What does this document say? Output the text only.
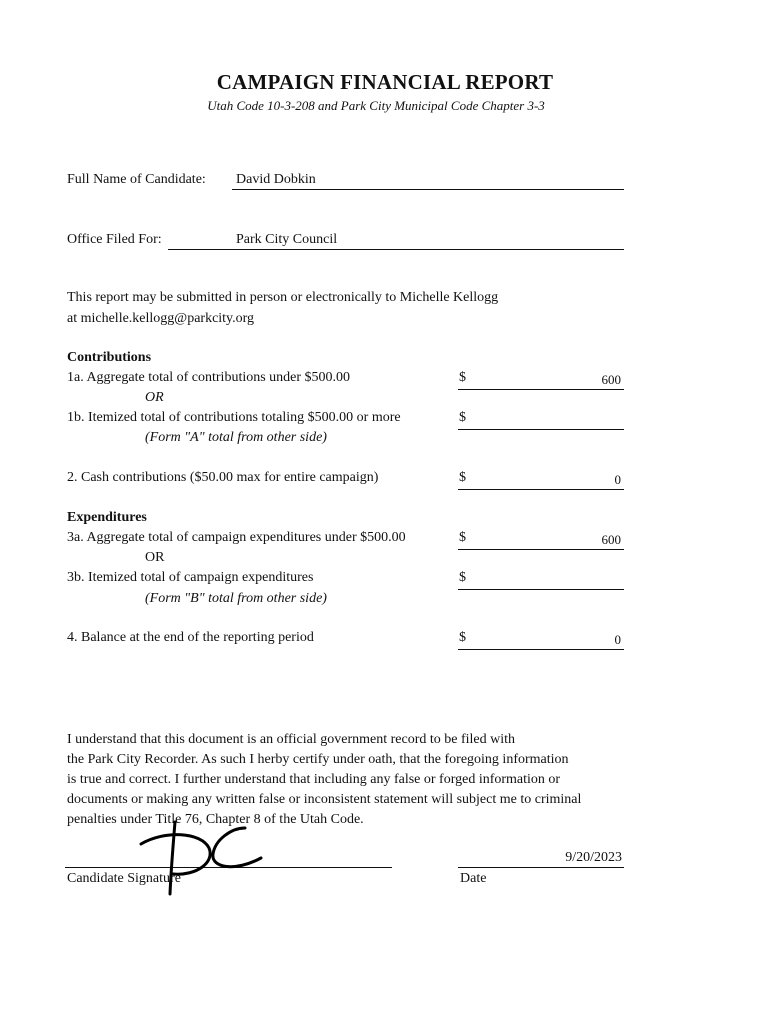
CAMPAIGN FINANCIAL REPORT
Utah Code 10-3-208 and Park City Municipal Code Chapter 3-3
Full Name of Candidate: David Dobkin
Office Filed For:	Park City Council
This report may be submitted in person or electronically to Michelle Kellogg
at michelle.kellogg@parkcity.org
Contributions
1a. Aggregate total of contributions under $500.00	$	600
OR
1b. Itemized total of contributions totaling $500.00 or more	$
(Form "A" total from other side)
2. Cash contributions ($50.00 max for entire campaign)	$	0
Expenditures
3a. Aggregate total of campaign expenditures under $500.00	$	600
OR
3b. Itemized total of campaign expenditures	$
(Form "B" total from other side)
4. Balance at the end of the reporting period	$	0
I understand that this document is an official government record to be filed with
the Park City Recorder. As such I herby certify under oath, that the foregoing information
is true and correct. I further understand that including any false or forged information or
documents or making any written false or inconsistent statement will subject me to criminal
penalties under Title 76, Chapter 8 of the Utah Code.
Candidate Signature
9/20/2023
Date
